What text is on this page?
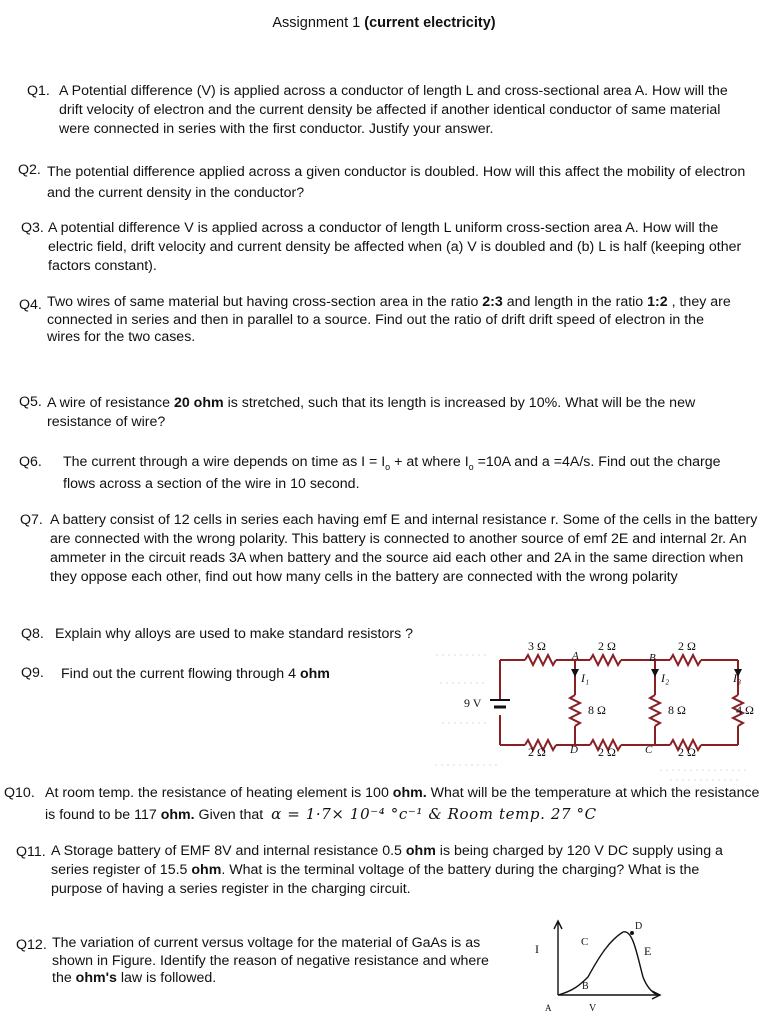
Assignment 1 (current electricity)
Q1. A Potential difference (V) is applied across a conductor of length L and cross-sectional area A. How will the drift velocity of electron and the current density be affected if another identical conductor of same material were connected in series with the first conductor. Justify your answer.
Q2. The potential difference applied across a given conductor is doubled. How will this affect the mobility of electron and the current density in the conductor?
Q3. A potential difference V is applied across a conductor of length L uniform cross-section area A. How will the electric field, drift velocity and current density be affected when (a) V is doubled and (b) L is half (keeping other factors constant).
Q4. Two wires of same material but having cross-section area in the ratio 2:3 and length in the ratio 1:2 , they are connected in series and then in parallel to a source. Find out the ratio of drift drift speed of electron in the wires for the two cases.
Q5. A wire of resistance 20 ohm is stretched, such that its length is increased by 10%. What will be the new resistance of wire?
Q6. The current through a wire depends on time as $I = I_o$ + at where $I_o =10A$ and a =4A/s. Find out the charge flows across a section of the wire in 10 second.
Q7. A battery consist of 12 cells in series each having emf E and internal resistance r. Some of the cells in the battery are connected with the wrong polarity. This battery is connected to another source of emf 2E and internal 2r. An ammeter in the circuit reads 3A when battery and the source aid each other and 2A in the same direction when they oppose each other, find out how many cells in the battery are connected with the wrong polarity
Q8. Explain why alloys are used to make standard resistors ?
Q9. Find out the current flowing through 4 ohm
9 V
3 Ω	2 Ω	2 Ω
8 Ω	8 Ω	4 Ω
2 Ω	2 Ω	2 Ω
I₁	I₂	I₃
A	B
D	C
Q10. At room temp. the resistance of heating element is 100 ohm. What will be the temperature at which the resistance is found to be 117 ohm. Given that α = 1·7× 10⁻⁴ °c⁻¹ & Room temp. 27 °C
Q11. A Storage battery of EMF 8V and internal resistance 0.5 ohm is being charged by 120 V DC supply using a series register of 15.5 ohm. What is the terminal voltage of the battery during the charging? What is the purpose of having a series register in the charging circuit.
Q12. The variation of current versus voltage for the material of GaAs is as shown in Figure. Identify the reason of negative resistance and where the ohm's law is followed.
I
A	V
B
C
D
E
